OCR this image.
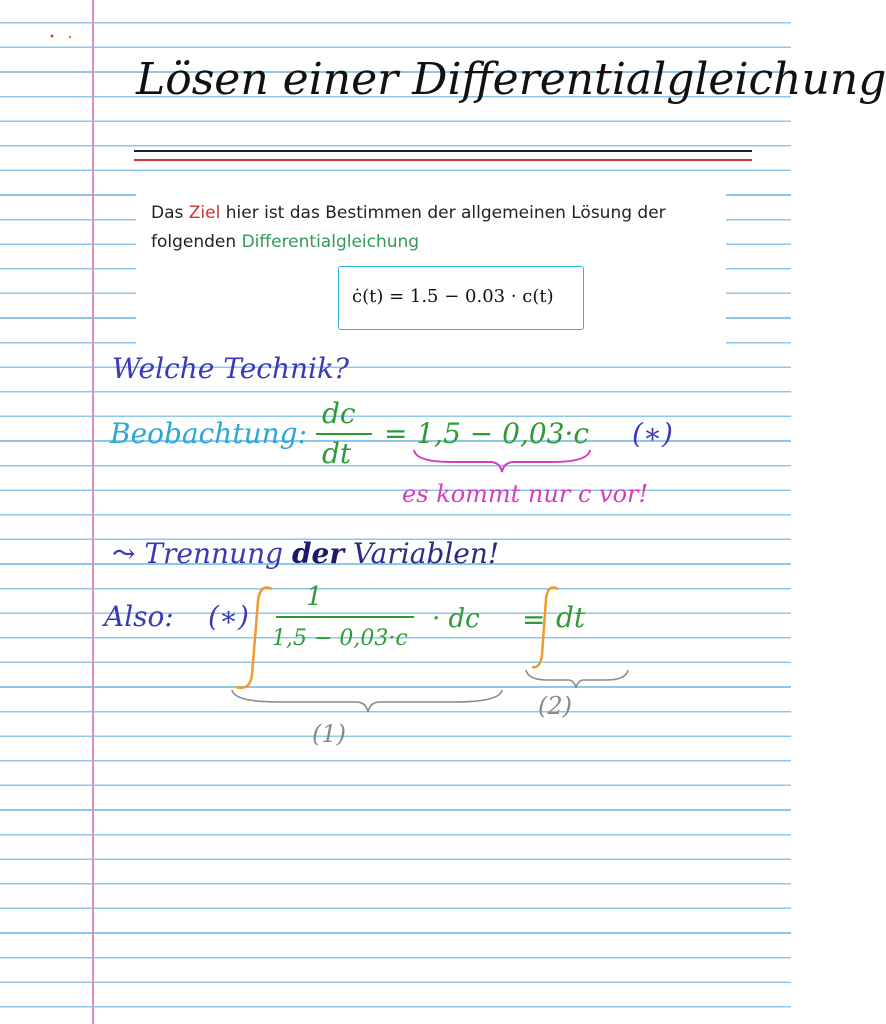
Lösen einer Differentialgleichung
Das Ziel hier ist das Bestimmen der allgemeinen Lösung der
folgenden Differentialgleichung
ċ(t) = 1.5 − 0.03 · c(t)
Welche Technik?
Beobachtung:
dc
dt
= 1,5 − 0,03·c (∗)
es kommt nur c vor!
⤳ Trennung der Variablen!
Also: (∗)
1
1,5 − 0,03·c
· dc = dt
(1)
(2)
